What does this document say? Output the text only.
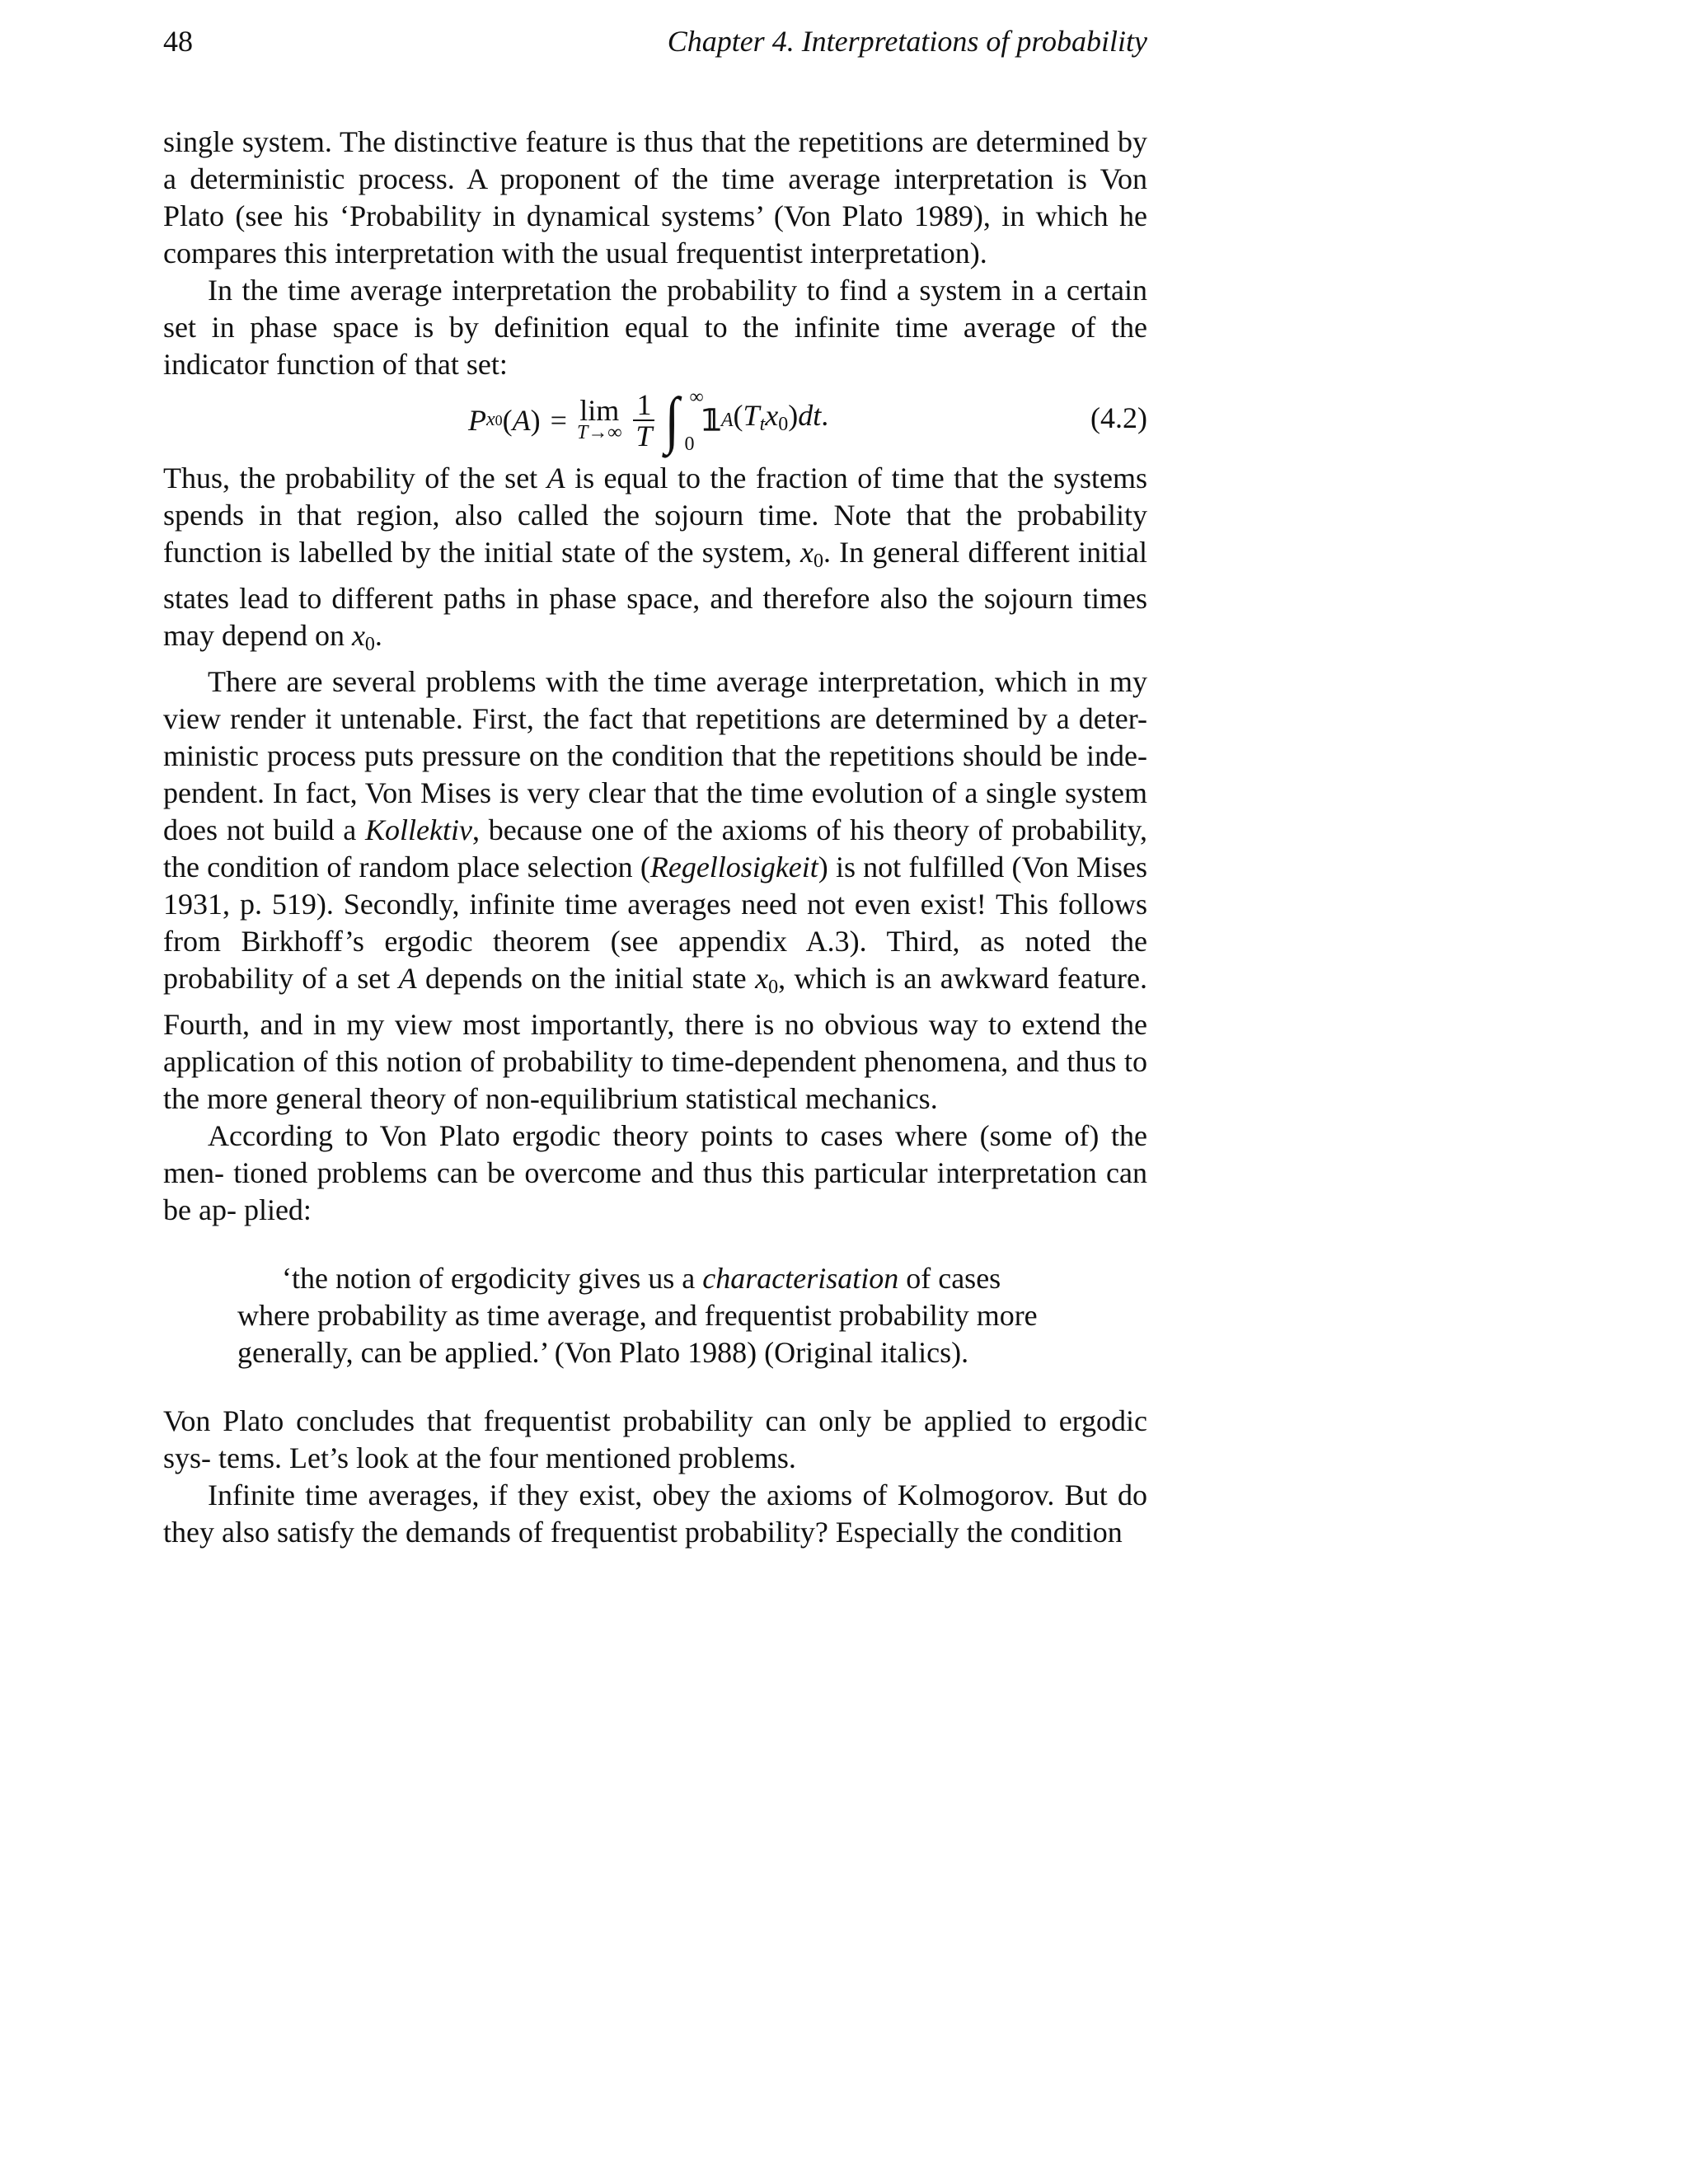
48	Chapter 4. Interpretations of probability

single system. The distinctive feature is thus that the repetitions are determined by a deterministic process. A proponent of the time average interpretation is Von Plato (see his ‘Probability in dynamical systems’ (Von Plato 1989), in which he compares this interpretation with the usual frequentist interpretation).

In the time average interpretation the probability to find a system in a certain set in phase space is by definition equal to the infinite time average of the indicator function of that set:

P x0 (A) = lim
$T\to\infty \frac{1}{T}$ ∫ ∞
0
𝟙 A $(T_tx_0)dt$.	(4.2)

Thus, the probability of the set A is equal to the fraction of time that the systems spends in that region, also called the sojourn time. Note that the probability function is labelled by the initial state of the system, $x_0$. In general different initial states lead to different paths in phase space, and therefore also the sojourn times may depend on $x_0$.

There are several problems with the time average interpretation, which in my view render it untenable. First, the fact that repetitions are determined by a deter- ministic process puts pressure on the condition that the repetitions should be inde- pendent. In fact, Von Mises is very clear that the time evolution of a single system does not build a Kollektiv, because one of the axioms of his theory of probability, the condition of random place selection (Regellosigkeit) is not fulfilled (Von Mises 1931, p. 519). Secondly, infinite time averages need not even exist! This follows from Birkhoff’s ergodic theorem (see appendix A.3). Third, as noted the probability of a set A depends on the initial state $x_0$, which is an awkward feature. Fourth, and in my view most importantly, there is no obvious way to extend the application of this notion of probability to time-dependent phenomena, and thus to the more general theory of non-equilibrium statistical mechanics.

According to Von Plato ergodic theory points to cases where (some of) the men- tioned problems can be overcome and thus this particular interpretation can be ap- plied:

‘the notion of ergodicity gives us a characterisation of cases where probability as time average, and frequentist probability more generally, can be applied.’ (Von Plato 1988) (Original italics).

Von Plato concludes that frequentist probability can only be applied to ergodic sys- tems. Let’s look at the four mentioned problems.

Infinite time averages, if they exist, obey the axioms of Kolmogorov. But do they also satisfy the demands of frequentist probability? Especially the condition
